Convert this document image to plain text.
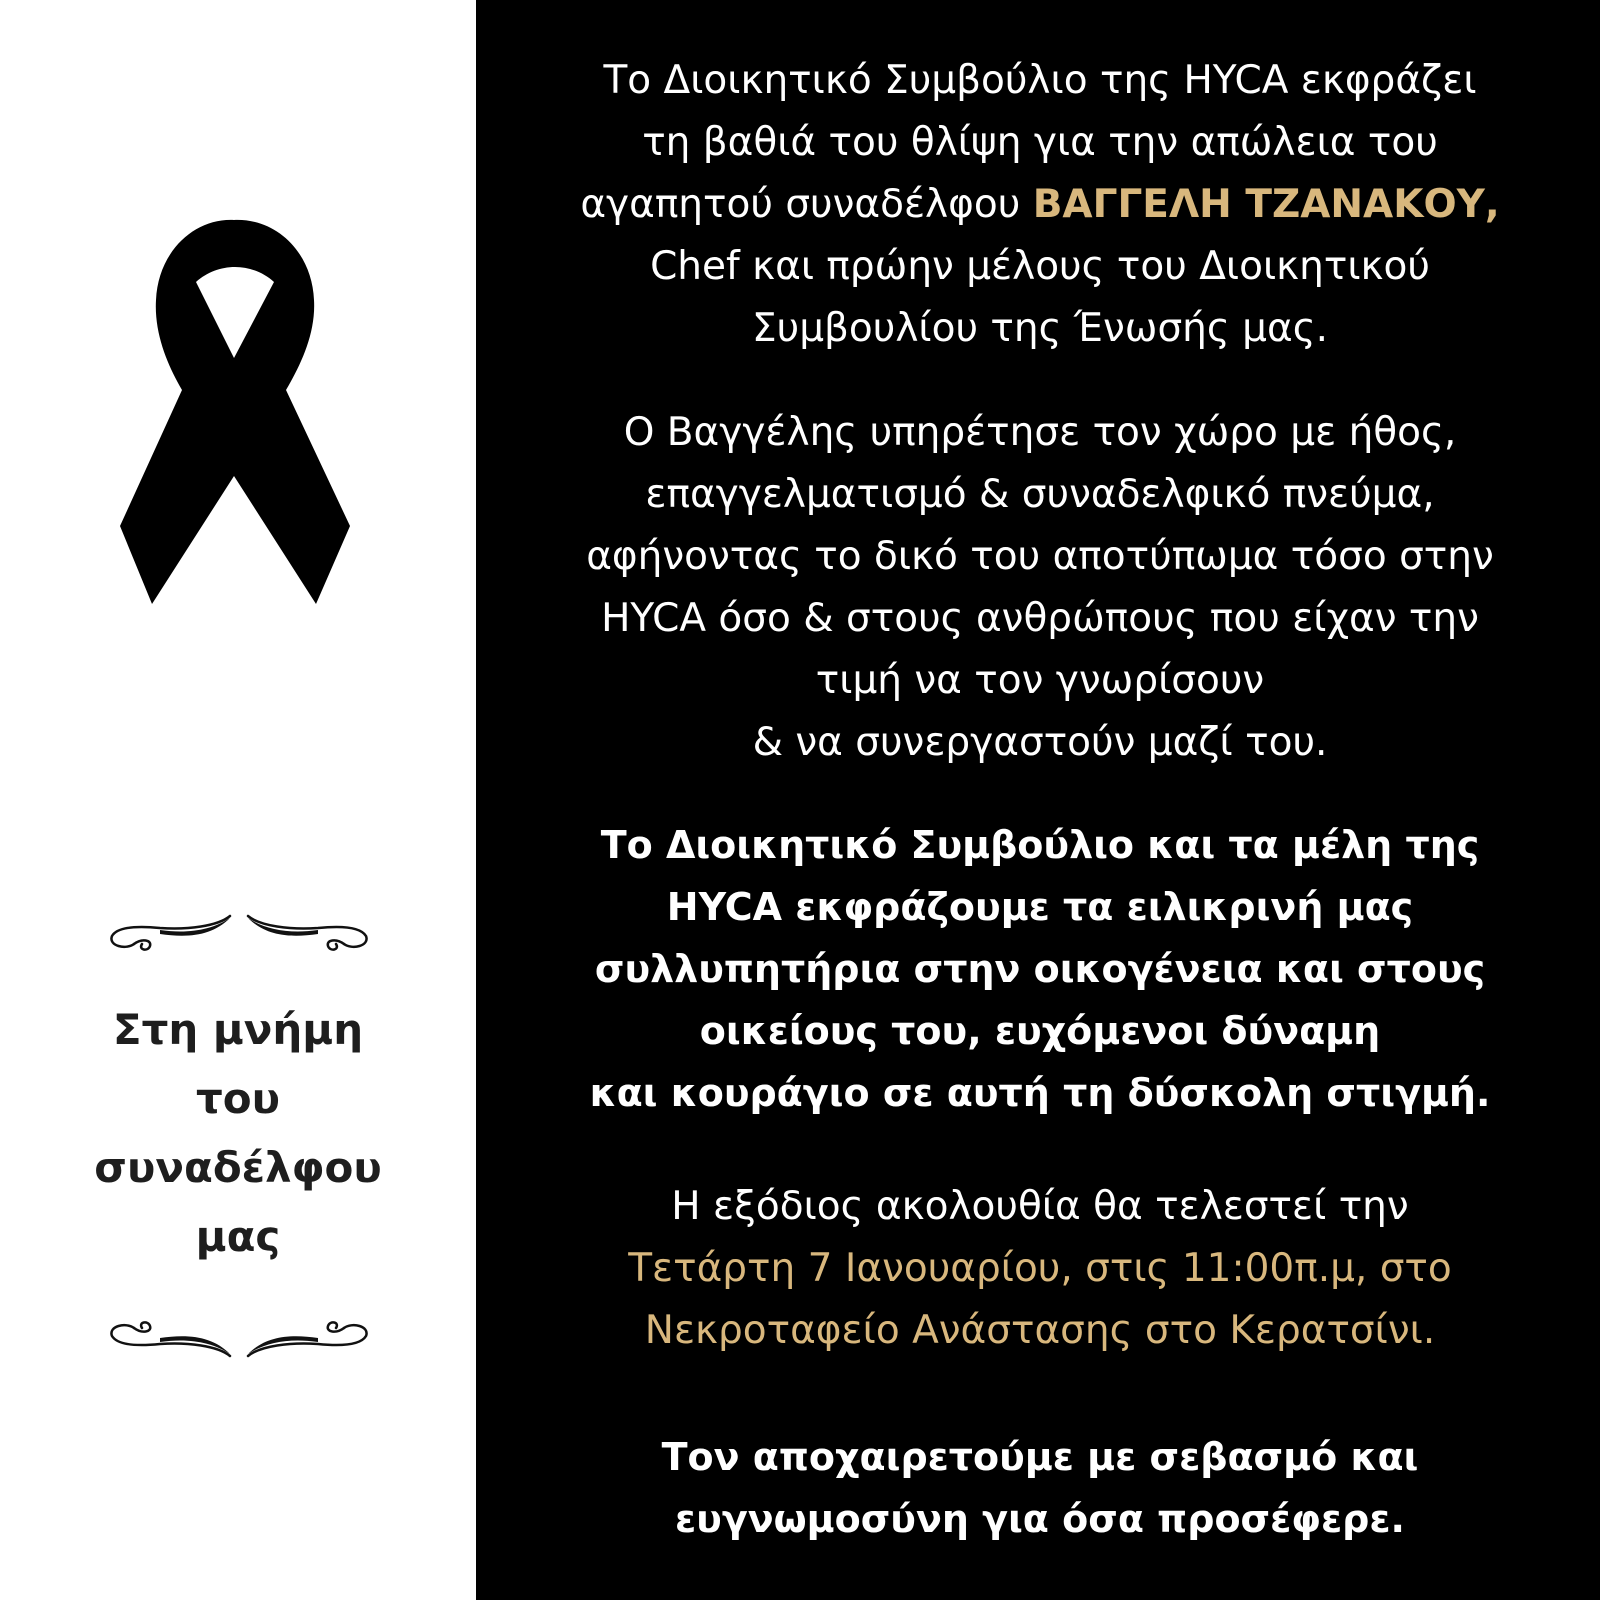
Στη μνήμη
του
συναδέλφου
μας

Το Διοικητικό Συμβούλιο της HYCA εκφράζει
τη βαθιά του θλίψη για την απώλεια του
αγαπητού συναδέλφου ΒΑΓΓΕΛΗ ΤΖΑΝΑΚΟΥ,
Chef και πρώην μέλους του Διοικητικού
Συμβουλίου της Ένωσής μας.

Ο Βαγγέλης υπηρέτησε τον χώρο με ήθος,
επαγγελματισμό & συναδελφικό πνεύμα,
αφήνοντας το δικό του αποτύπωμα τόσο στην
HYCA όσο & στους ανθρώπους που είχαν την
τιμή να τον γνωρίσουν
& να συνεργαστούν μαζί του.

Το Διοικητικό Συμβούλιο και τα μέλη της
HYCA εκφράζουμε τα ειλικρινή μας
συλλυπητήρια στην οικογένεια και στους
οικείους του, ευχόμενοι δύναμη
και κουράγιο σε αυτή τη δύσκολη στιγμή.

Η εξόδιος ακολουθία θα τελεστεί την
Τετάρτη 7 Ιανουαρίου, στις 11:00π.μ, στο
Νεκροταφείο Ανάστασης στο Κερατσίνι.

Τον αποχαιρετούμε με σεβασμό και
ευγνωμοσύνη για όσα προσέφερε.
